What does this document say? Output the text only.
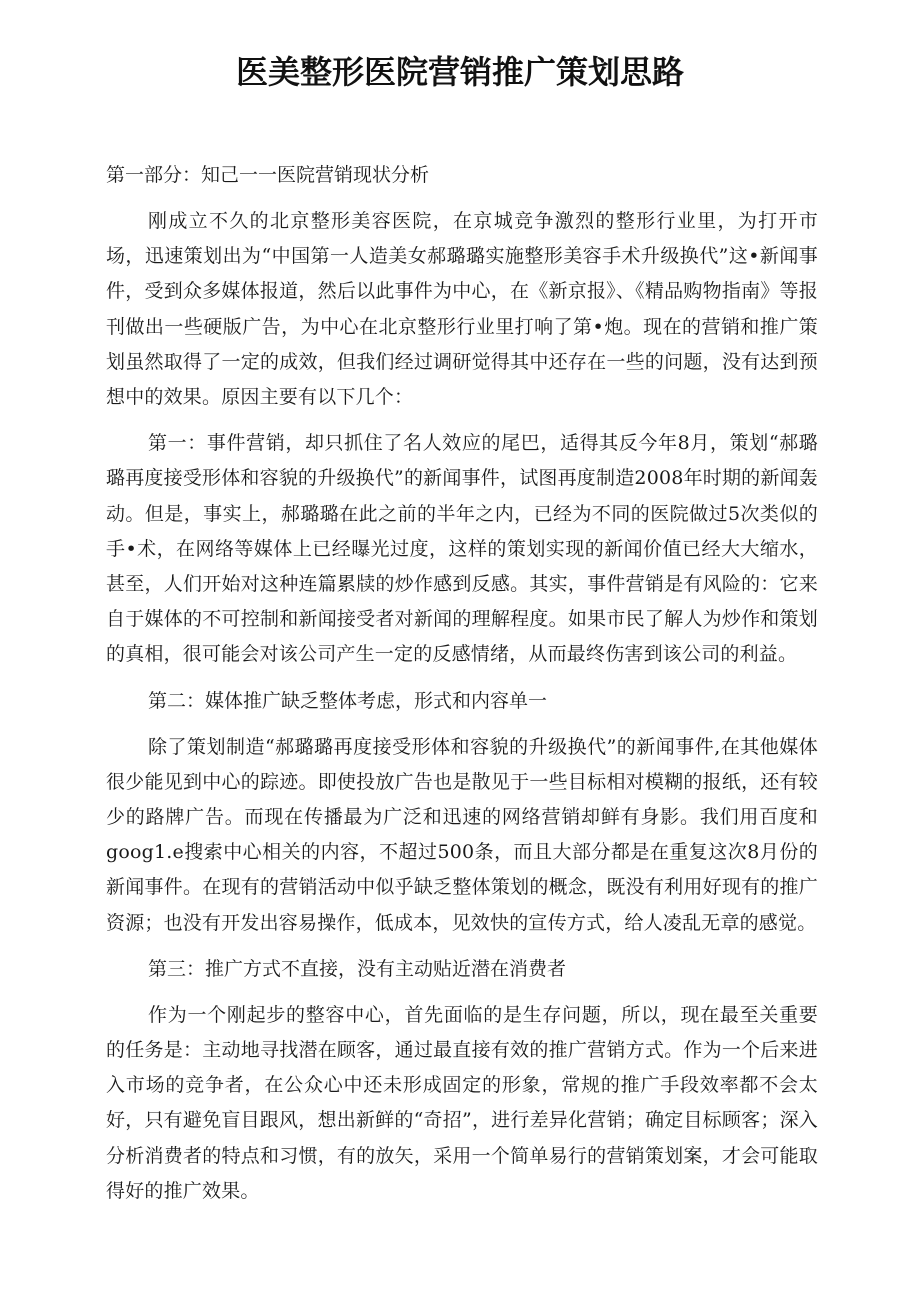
医美整形医院营销推广策划思路

第一部分：知己一一医院营销现状分析

刚成立不久的北京整形美容医院，在京城竞争激烈的整形行业里，为打开市场，迅速策划出为“中国第一人造美女郝璐璐实施整形美容手术升级换代”这•新闻事件，受到众多媒体报道，然后以此事件为中心，在《新京报》、《精品购物指南》等报刊做出一些硬版广告，为中心在北京整形行业里打响了第•炮。现在的营销和推广策划虽然取得了一定的成效，但我们经过调研觉得其中还存在一些的问题，没有达到预想中的效果。原因主要有以下几个：

第一：事件营销，却只抓住了名人效应的尾巴，适得其反今年8月，策划“郝璐璐再度接受形体和容貌的升级换代”的新闻事件，试图再度制造2008年时期的新闻轰动。但是，事实上，郝璐璐在此之前的半年之内，已经为不同的医院做过5次类似的手•术，在网络等媒体上已经曝光过度，这样的策划实现的新闻价值已经大大缩水，甚至，人们开始对这种连篇累牍的炒作感到反感。其实，事件营销是有风险的：它来自于媒体的不可控制和新闻接受者对新闻的理解程度。如果市民了解人为炒作和策划的真相，很可能会对该公司产生一定的反感情绪，从而最终伤害到该公司的利益。

第二：媒体推广缺乏整体考虑，形式和内容单一

除了策划制造“郝璐璐再度接受形体和容貌的升级换代”的新闻事件,在其他媒体很少能见到中心的踪迹。即使投放广告也是散见于一些目标相对模糊的报纸，还有较少的路牌广告。而现在传播最为广泛和迅速的网络营销却鲜有身影。我们用百度和goog1.e搜索中心相关的内容，不超过500条，而且大部分都是在重复这次8月份的新闻事件。在现有的营销活动中似乎缺乏整体策划的概念，既没有利用好现有的推广资源；也没有开发出容易操作，低成本，见效快的宣传方式，给人凌乱无章的感觉。

第三：推广方式不直接，没有主动贴近潜在消费者

作为一个刚起步的整容中心，首先面临的是生存问题，所以，现在最至关重要的任务是：主动地寻找潜在顾客，通过最直接有效的推广营销方式。作为一个后来进入市场的竞争者，在公众心中还未形成固定的形象，常规的推广手段效率都不会太好，只有避免盲目跟风，想出新鲜的“奇招”，进行差异化营销；确定目标顾客；深入分析消费者的特点和习惯，有的放矢，采用一个简单易行的营销策划案，才会可能取得好的推广效果。
